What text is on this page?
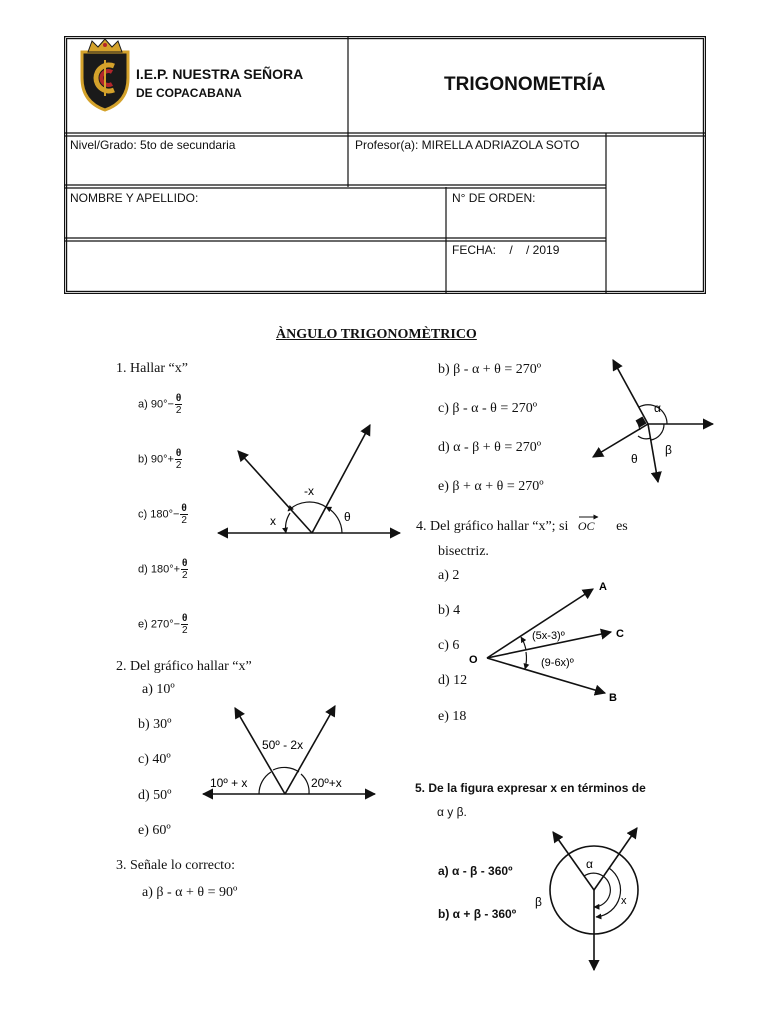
I.E.P. NUESTRA SEÑORA
DE COPACABANA	TRIGONOMETRÍA
Nivel/Grado: 5to de secundaria	Profesor(a): MIRELLA ADRIAZOLA SOTO
NOMBRE Y APELLIDO:	N° DE ORDEN:
FECHA:    /    / 2019
ÀNGULO TRIGONOMÈTRICO
1. Hallar “x”
a) $90^\circ- \frac{\theta}{2}$
b) $90^\circ+ \frac{\theta}{2}$
c) $180^\circ- \frac{\theta}{2}$
d) $180^\circ+ \frac{\theta}{2}$
e) $270^\circ- \frac{\theta}{2}$
θ
-x
x
2. Del gráfico hallar “x”
a) 10º
b) 30º
c) 40º
d) 50º
e) 60º
50º - 2x
10º + x	20º+x
3. Señale lo correcto:
a) β - α + θ = 90º
b) β - α + θ = 270º
c) β - α - θ = 270º
d) α - β + θ = 270º
e) β + α + θ = 270º
α
β
θ
4. Del gráfico hallar “x”; si OC es
bisectriz.
a) 2
b) 4
c) 6
d) 12
e) 18
O
A
C
B
(5x-3)º
(9-6x)º
5. De la figura expresar x en términos de
α y β.
a) α - β - 360º
b) α + β - 360º
α
β	x
